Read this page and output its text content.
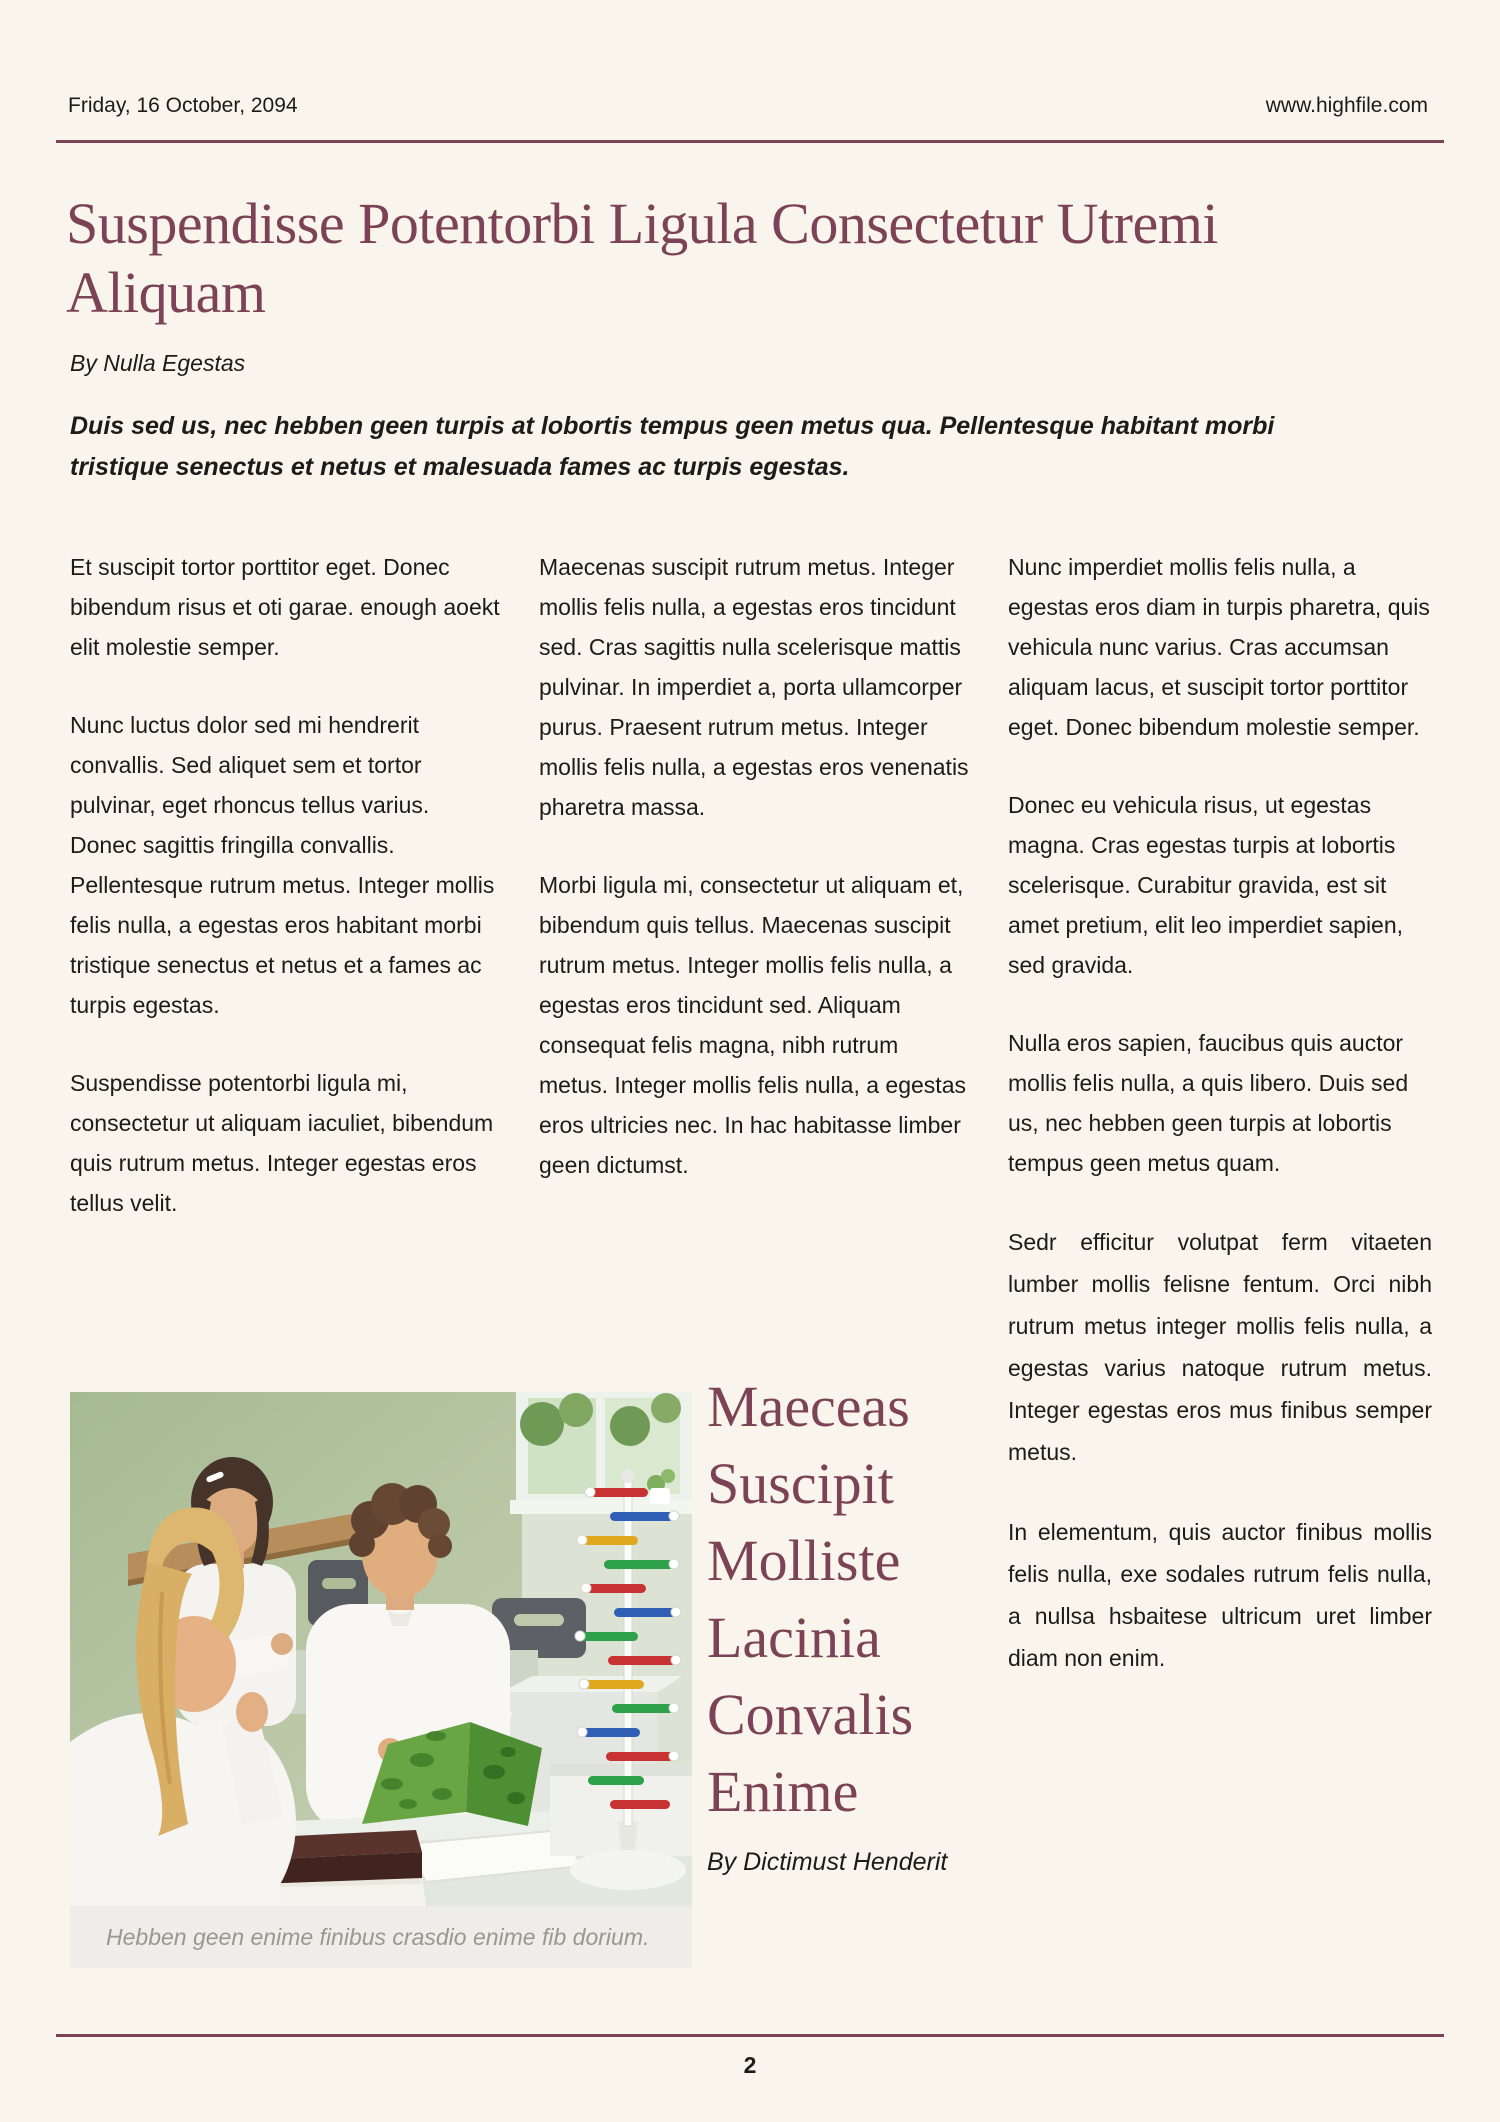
Friday, 16 October, 2094	www.highfile.com
Suspendisse Potentorbi Ligula Consectetur Utremi Aliquam
By Nulla Egestas
Duis sed us, nec hebben geen turpis at lobortis tempus geen metus qua. Pellentesque habitant morbi tristique senectus et netus et malesuada fames ac turpis egestas.

Et suscipit tortor porttitor eget. Donec bibendum risus et oti garae. enough aoekt elit molestie semper.

Nunc luctus dolor sed mi hendrerit convallis. Sed aliquet sem et tortor pulvinar, eget rhoncus tellus varius. Donec sagittis fringilla convallis. Pellentesque rutrum metus. Integer mollis felis nulla, a egestas eros habitant morbi tristique senectus et netus et a fames ac turpis egestas.

Suspendisse potentorbi ligula mi, consectetur ut aliquam iaculiet, bibendum quis rutrum metus. Integer egestas eros tellus velit.

Maecenas suscipit rutrum metus. Integer mollis felis nulla, a egestas eros tincidunt sed. Cras sagittis nulla scelerisque mattis pulvinar. In imperdiet a, porta ullamcorper purus. Praesent rutrum metus. Integer mollis felis nulla, a egestas eros venenatis pharetra massa.

Morbi ligula mi, consectetur ut aliquam et, bibendum quis tellus. Maecenas suscipit rutrum metus. Integer mollis felis nulla, a egestas eros tincidunt sed. Aliquam consequat felis magna, nibh rutrum metus. Integer mollis felis nulla, a egestas eros ultricies nec. In hac habitasse limber geen dictumst.

Nunc imperdiet mollis felis nulla, a egestas eros diam in turpis pharetra, quis vehicula nunc varius. Cras accumsan aliquam lacus, et suscipit tortor porttitor eget. Donec bibendum molestie semper.

Donec eu vehicula risus, ut egestas magna. Cras egestas turpis at lobortis scelerisque. Curabitur gravida, est sit amet pretium, elit leo imperdiet sapien, sed gravida.

Nulla eros sapien, faucibus quis auctor mollis felis nulla, a quis libero. Duis sed us, nec hebben geen turpis at lobortis tempus geen metus quam.

Sedr efficitur volutpat ferm vitaeten lumber mollis felisne fentum. Orci nibh rutrum metus integer mollis felis nulla, a egestas varius natoque rutrum metus. Integer egestas eros mus finibus semper metus.

In elementum, quis auctor finibus mollis felis nulla, exe sodales rutrum felis nulla, a nullsa hsbaitese ultricum uret limber diam non enim.

Hebben geen enime finibus crasdio enime fib dorium.
Maeceas
Suscipit
Molliste
Lacinia
Convalis
Enime
By Dictimust Henderit
2
